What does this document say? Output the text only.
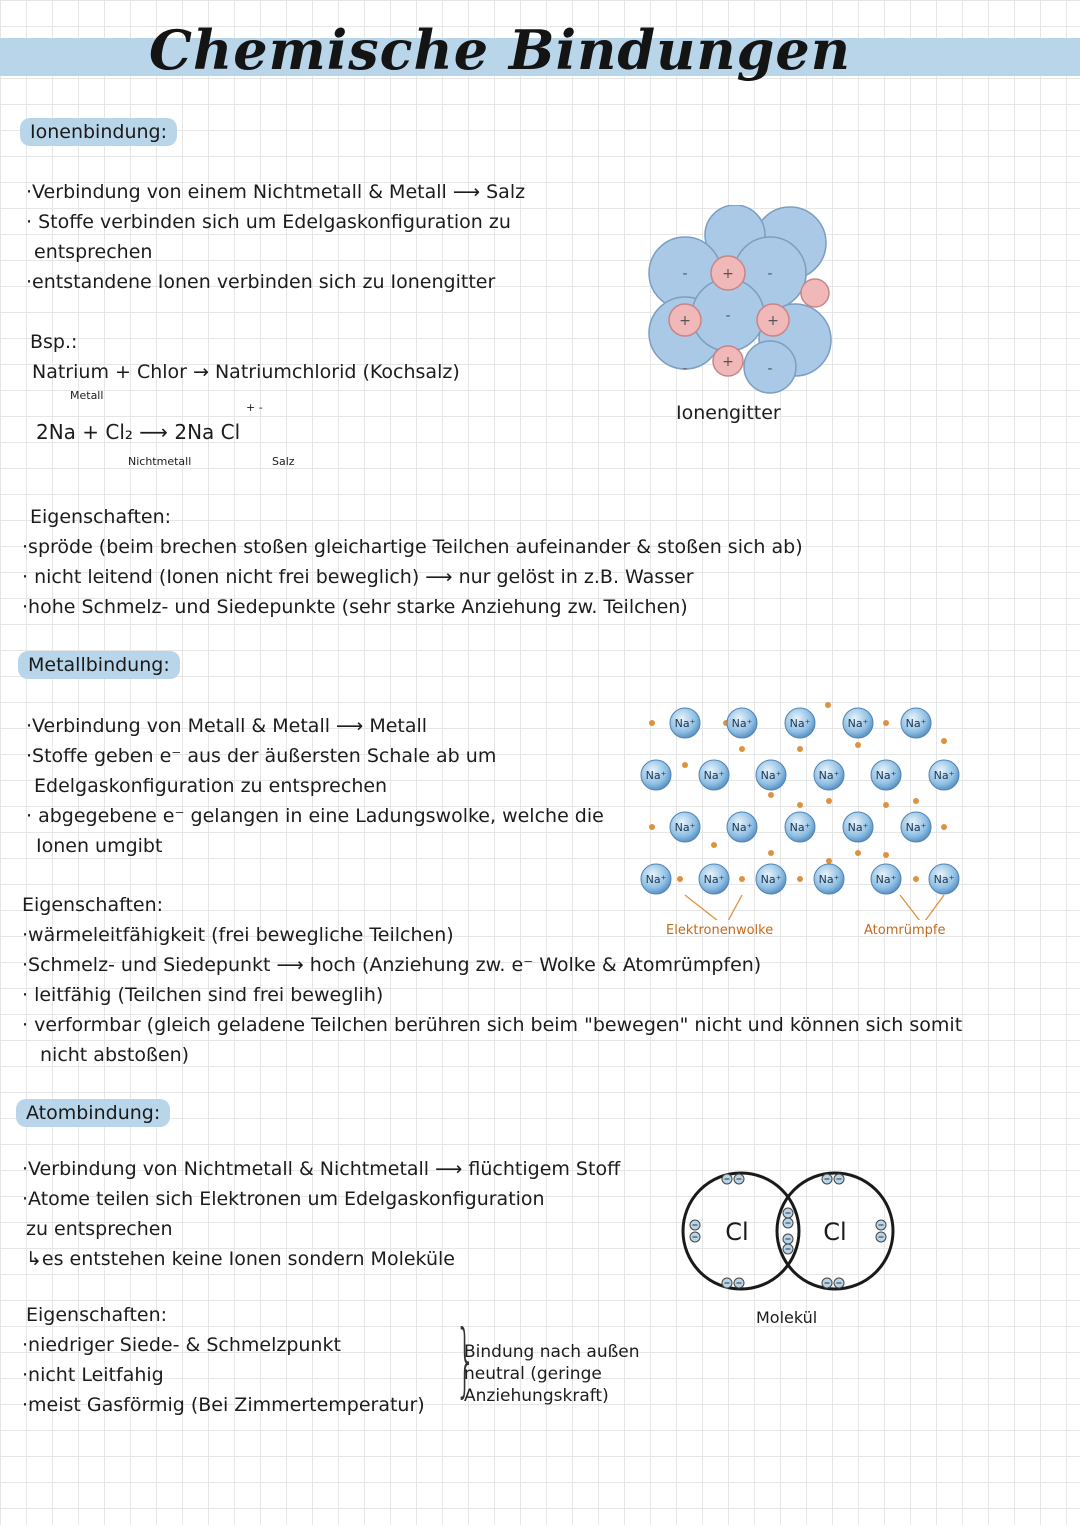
Chemische Bindungen
Ionenbindung:
·Verbindung von einem Nichtmetall & Metall ⟶ Salz
· Stoffe verbinden sich um Edelgaskonfiguration zu
entsprechen
·entstandene Ionen verbinden sich zu Ionengitter
Bsp.:
Natrium + Chlor → Natriumchlorid (Kochsalz)
Metall
+ -
2Na + Cl₂ ⟶ 2Na Cl
Nichtmetall	Salz
+
+	+
+
-	-
-
-	-
Ionengitter
Eigenschaften:
·spröde (beim brechen stoßen gleichartige Teilchen aufeinander & stoßen sich ab)
· nicht leitend (Ionen nicht frei beweglich) ⟶ nur gelöst in z.B. Wasser
·hohe Schmelz- und Siedepunkte (sehr starke Anziehung zw. Teilchen)
Metallbindung:
·Verbindung von Metall & Metall ⟶ Metall
·Stoffe geben e⁻ aus der äußersten Schale ab um
Edelgaskonfiguration zu entsprechen
· abgegebene e⁻ gelangen in eine Ladungswolke, welche die
Ionen umgibt
Na⁺	Na⁺	Na⁺	Na⁺	Na⁺
Na⁺	Na⁺	Na⁺	Na⁺	Na⁺	Na⁺
Na⁺	Na⁺	Na⁺	Na⁺	Na⁺
Na⁺	Na⁺	Na⁺	Na⁺	Na⁺	Na⁺
Elektronenwolke	Atomrümpfe
Eigenschaften:
·wärmeleitfähigkeit (frei bewegliche Teilchen)
·Schmelz- und Siedepunkt ⟶ hoch (Anziehung zw. e⁻ Wolke & Atomrümpfen)
· leitfähig (Teilchen sind frei beweglih)
· verformbar (gleich geladene Teilchen berühren sich beim "bewegen" nicht und können sich somit
nicht abstoßen)
Atombindung:
·Verbindung von Nichtmetall & Nichtmetall ⟶ flüchtigem Stoff
·Atome teilen sich Elektronen um Edelgaskonfiguration
zu entsprechen
↳es entstehen keine Ionen sondern Moleküle
Cl	Cl
Molekül
Eigenschaften:
·niedriger Siede- & Schmelzpunkt
·nicht Leitfahig
·meist Gasförmig (Bei Zimmertemperatur) }
Bindung nach außen
neutral (geringe
Anziehungskraft)
